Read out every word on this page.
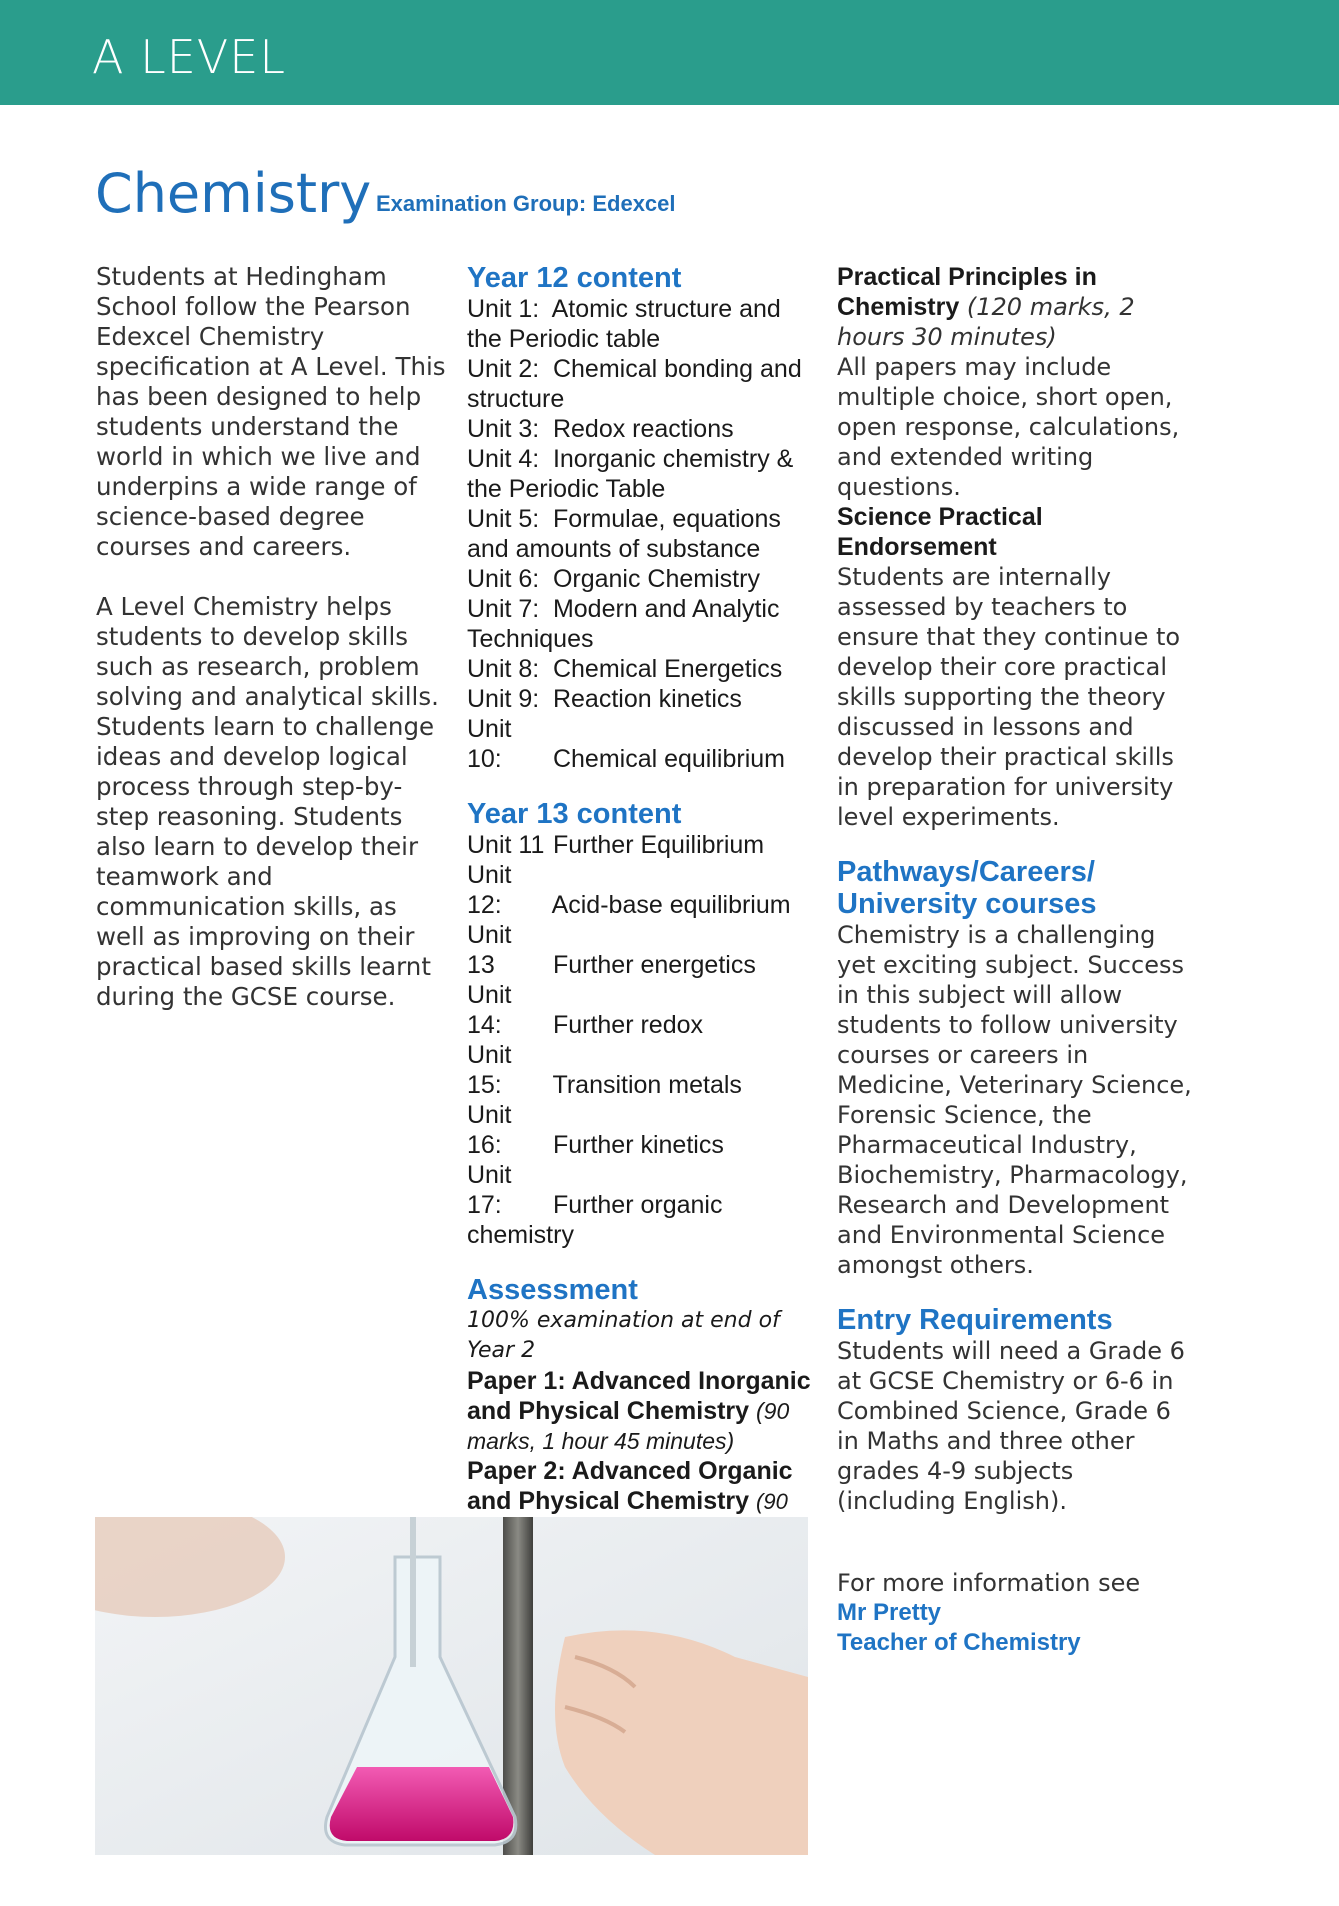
A LEVEL
Chemistry Examination Group: Edexcel

Students at Hedingham School follow the Pearson Edexcel Chemistry specification at A Level. This has been designed to help students understand the world in which we live and underpins a wide range of science-based degree courses and careers.

A Level Chemistry helps students to develop skills such as research, problem solving and analytical skills. Students learn to challenge ideas and develop logical process through step-by-step reasoning. Students also learn to develop their teamwork and communication skills, as well as improving on their practical based skills learnt during the GCSE course.

Year 12 content
Unit 1: Atomic structure and the Periodic table
Unit 2: Chemical bonding and structure
Unit 3: Redox reactions
Unit 4: Inorganic chemistry & the Periodic Table
Unit 5: Formulae, equations and amounts of substance
Unit 6: Organic Chemistry
Unit 7: Modern and Analytic Techniques
Unit 8: Chemical Energetics
Unit 9: Reaction kinetics
Unit 10: Chemical equilibrium
Year 13 content
Unit 11 Further Equilibrium
Unit 12: Acid-base equilibrium
Unit 13 Further energetics
Unit 14: Further redox
Unit 15: Transition metals
Unit 16: Further kinetics
Unit 17: Further organic chemistry
Assessment
100% examination at end of Year 2
Paper 1: Advanced Inorganic and Physical Chemistry (90 marks, 1 hour 45 minutes)
Paper 2: Advanced Organic and Physical Chemistry (90
Practical Principles in Chemistry (120 marks, 2 hours 30 minutes)
All papers may include multiple choice, short open, open response, calculations, and extended writing questions.
Science Practical Endorsement
Students are internally assessed by teachers to ensure that they continue to develop their core practical skills supporting the theory discussed in lessons and develop their practical skills in preparation for university level experiments.
Pathways/Careers/ University courses
Chemistry is a challenging yet exciting subject. Success in this subject will allow students to follow university courses or careers in Medicine, Veterinary Science, Forensic Science, the Pharmaceutical Industry, Biochemistry, Pharmacology, Research and Development and Environmental Science amongst others.
Entry Requirements
Students will need a Grade 6 at GCSE Chemistry or 6-6 in Combined Science, Grade 6 in Maths and three other grades 4-9 subjects (including English).
For more information see
Mr Pretty
Teacher of Chemistry
